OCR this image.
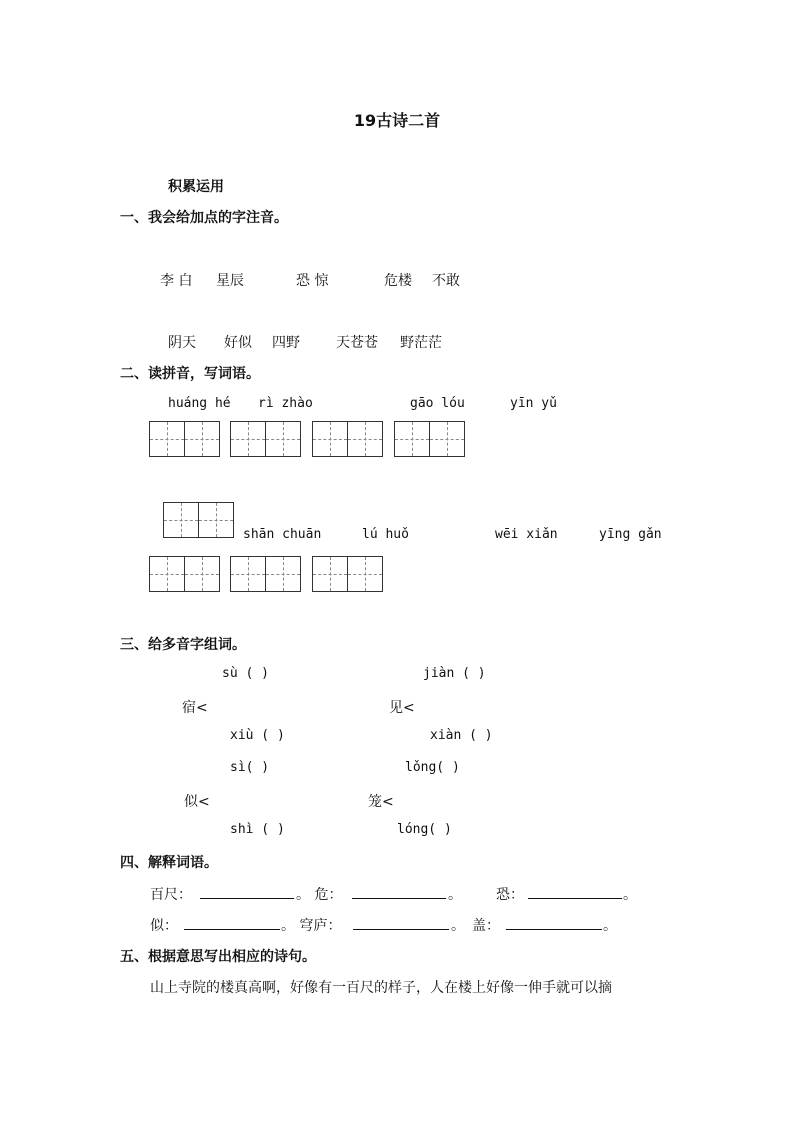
19古诗二首
积累运用
一、我会给加点的字注音。
李 白 星辰	恐 惊	危楼 不敢
阴天 好似 四野	天苍苍 野茫茫
二、读拼音，写词语。
huáng hé rì zhào	gāo lóu	yīn yǔ
shān chuān	lú huǒ	wēi xiǎn	yīng gǎn
三、给多音字组词。
sù ( )	jiàn ( )
宿<	见<
xiù ( )	xiàn ( )
sì( )	lǒng( )
似<	笼<
shì ( )	lóng( )
四、解释词语。
百尺：	。 危：	。 恐：	。
似：	。 穹庐：	。 盖：	。
五、根据意思写出相应的诗句。
山上寺院的楼真高啊，好像有一百尺的样子，人在楼上好像一伸手就可以摘
